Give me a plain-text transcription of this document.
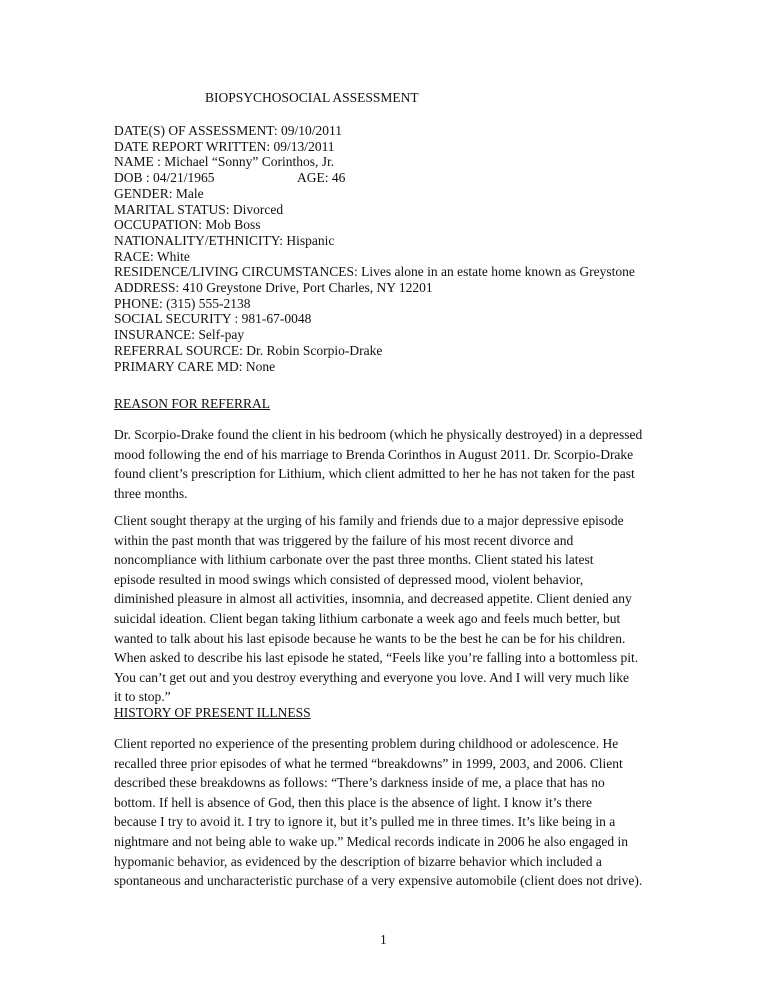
BIOPSYCHOSOCIAL ASSESSMENT
DATE(S) OF ASSESSMENT: 09/10/2011
DATE REPORT WRITTEN: 09/13/2011
NAME : Michael “Sonny” Corinthos, Jr.
DOB : 04/21/1965	AGE: 46
GENDER: Male
MARITAL STATUS: Divorced
OCCUPATION: Mob Boss
NATIONALITY/ETHNICITY: Hispanic
RACE: White
RESIDENCE/LIVING CIRCUMSTANCES: Lives alone in an estate home known as Greystone
ADDRESS: 410 Greystone Drive, Port Charles, NY 12201
PHONE: (315) 555-2138
SOCIAL SECURITY : 981-67-0048
INSURANCE: Self-pay
REFERRAL SOURCE: Dr. Robin Scorpio-Drake
PRIMARY CARE MD: None
REASON FOR REFERRAL
Dr. Scorpio-Drake found the client in his bedroom (which he physically destroyed) in a depressed
mood following the end of his marriage to Brenda Corinthos in August 2011. Dr. Scorpio-Drake
found client’s prescription for Lithium, which client admitted to her he has not taken for the past
three months.
Client sought therapy at the urging of his family and friends due to a major depressive episode
within the past month that was triggered by the failure of his most recent divorce and
noncompliance with lithium carbonate over the past three months. Client stated his latest
episode resulted in mood swings which consisted of depressed mood, violent behavior,
diminished pleasure in almost all activities, insomnia, and decreased appetite. Client denied any
suicidal ideation. Client began taking lithium carbonate a week ago and feels much better, but
wanted to talk about his last episode because he wants to be the best he can be for his children.
When asked to describe his last episode he stated, “Feels like you’re falling into a bottomless pit.
You can’t get out and you destroy everything and everyone you love. And I will very much like
it to stop.”
HISTORY OF PRESENT ILLNESS
Client reported no experience of the presenting problem during childhood or adolescence. He
recalled three prior episodes of what he termed “breakdowns” in 1999, 2003, and 2006. Client
described these breakdowns as follows: “There’s darkness inside of me, a place that has no
bottom. If hell is absence of God, then this place is the absence of light. I know it’s there
because I try to avoid it. I try to ignore it, but it’s pulled me in three times. It’s like being in a
nightmare and not being able to wake up.” Medical records indicate in 2006 he also engaged in
hypomanic behavior, as evidenced by the description of bizarre behavior which included a
spontaneous and uncharacteristic purchase of a very expensive automobile (client does not drive).
1
